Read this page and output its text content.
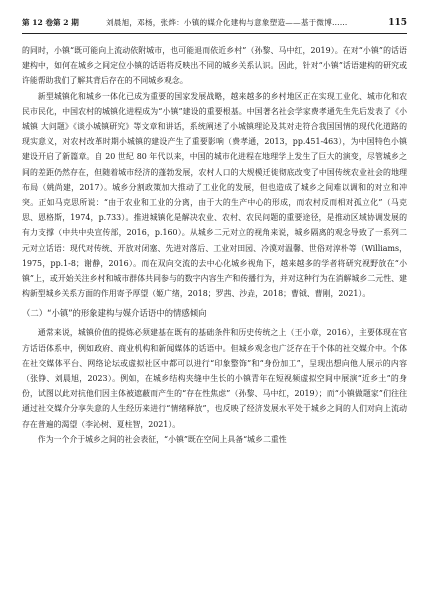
第 12 卷第 2 期	刘晨旭，邓杨，张烨：小镇的媒介化建构与意象塑造——基于微博……	115

的同时，小镇“既可能向上流动依附城市，也可能退而依近乡村”（孙黎、马中红，2019）。在对“小镇”的话语建构中，如何在城乡之间定位小镇的话语将反映出不同的城乡关系认识。因此，针对“小镇”话语建构的研究或许能帮助我们了解其背后存在的不同城乡观念。

新型城镇化和城乡一体化已成为重要的国家发展战略，越来越多的乡村地区正在实现工业化、城市化和农民市民化，中国农村的城镇化进程成为“小镇”建设的重要根基。中国著名社会学家费孝通先生先后发表了《小城镇 大问题》《谈小城镇研究》等文章和讲话，系统阐述了小城镇理论及其对走符合我国国情的现代化道路的现实意义，对农村改革时期小城镇的建设产生了重要影响（费孝通，2013，pp.451-463），为中国特色小镇建设开启了新篇章。自 20 世纪 80 年代以来，中国的城市化进程在地理学上发生了巨大的演变，尽管城乡之间的差距仍然存在，但随着城市经济的蓬勃发展，农村人口的大规模迁徙彻底改变了中国传统农业社会的地理布局（姚尚建，2017）。城乡分割政策加大推动了工业化的发展，但也造成了城乡之间难以调和的对立和冲突。正如马克思所说：“由于农业和工业的分离，由于大的生产中心的形成，而农村反而相对孤立化”（马克思、恩格斯，1974，p.733）。推进城镇化是解决农业、农村、农民问题的重要途径，是推动区域协调发展的有力支撑（中共中央宣传部，2016，p.160）。从城乡二元对立的视角来说，城乡隔离的观念导致了一系列二元对立话语：现代对传统、开放对闭塞、先进对落后、工业对田园、冷漠对温馨、世俗对淳朴等（Williams，1975，pp.1-8；谢静，2016）。而在双向交流的去中心化城乡视角下，越来越多的学者将研究视野放在“小镇”上，或开始关注乡村和城市群体共同参与的数字内容生产和传播行为，并对这种行为在消解城乡二元性、建构新型城乡关系方面的作用寄予厚望（姬广绪，2018；罗茜、沙垚，2018；曹钺、曹刚，2021）。

（二）“小镇”的形象建构与媒介话语中的情感倾向

通常来说，城镇价值的提炼必须建基在既有的基础条件和历史传统之上（王小章，2016），主要体现在官方话语体系中，例如政府、商业机构和新闻媒体的话语中。但城乡观念也广泛存在于个体的社交媒介中。个体在社交媒体平台、网络论坛或虚拟社区中都可以进行“印象整饰”和“身份加工”，呈现出想向他人展示的内容（张铮、刘晨旭，2023）。例如，在城乡结构夹缝中生长的小镇青年在短视频虚拟空间中展演“近乡土”的身份，试图以此对抗他们因主体被遮蔽而产生的“存在性焦虑”（孙黎、马中红，2019）；而“小镇做题家”们往往通过社交媒介分享失意的人生经历来进行“情绪释放”，也反映了经济发展水平处于城乡之间的人们对向上流动存在普遍的渴望（李沁树、夏柱智，2021）。

作为一个介于城乡之间的社会表征，“小镇”既在空间上具备“城乡二重性
